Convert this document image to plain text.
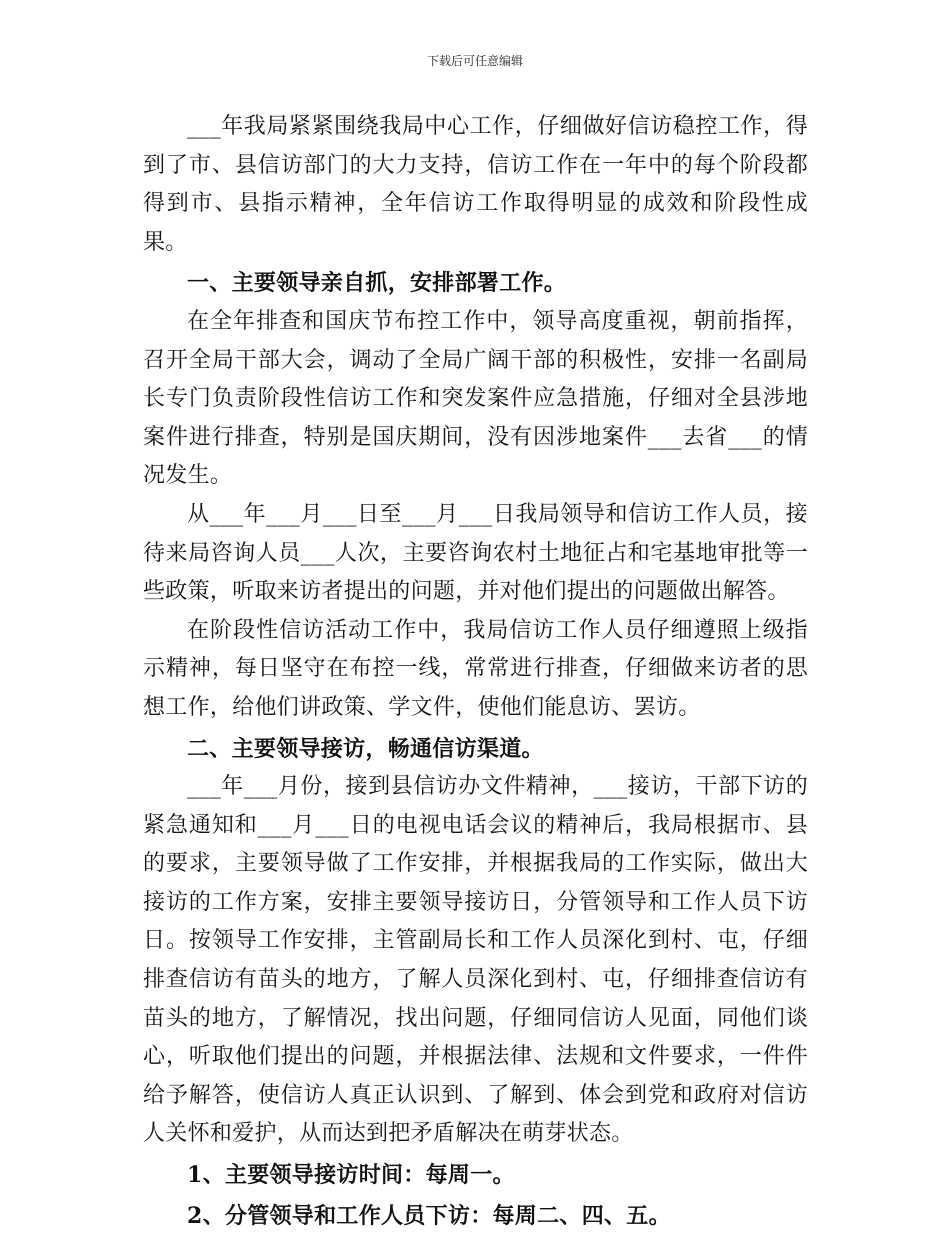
下载后可任意编辑

___年我局紧紧围绕我局中心工作，仔细做好信访稳控工作，得到了市、县信访部门的大力支持，信访工作在一年中的每个阶段都得到市、县指示精神，全年信访工作取得明显的成效和阶段性成果。

一、主要领导亲自抓，安排部署工作。

在全年排查和国庆节布控工作中，领导高度重视，朝前指挥，召开全局干部大会，调动了全局广阔干部的积极性，安排一名副局长专门负责阶段性信访工作和突发案件应急措施，仔细对全县涉地案件进行排查，特别是国庆期间，没有因涉地案件___去省___的情况发生。

从___年___月___日至___月___日我局领导和信访工作人员，接待来局咨询人员___人次，主要咨询农村土地征占和宅基地审批等一些政策，听取来访者提出的问题，并对他们提出的问题做出解答。

在阶段性信访活动工作中，我局信访工作人员仔细遵照上级指示精神，每日坚守在布控一线，常常进行排查，仔细做来访者的思想工作，给他们讲政策、学文件，使他们能息访、罢访。

二、主要领导接访，畅通信访渠道。

___年___月份，接到县信访办文件精神，___接访，干部下访的紧急通知和___月___日的电视电话会议的精神后，我局根据市、县的要求，主要领导做了工作安排，并根据我局的工作实际，做出大接访的工作方案，安排主要领导接访日，分管领导和工作人员下访日。按领导工作安排，主管副局长和工作人员深化到村、屯，仔细排查信访有苗头的地方，了解人员深化到村、屯，仔细排查信访有苗头的地方，了解情况，找出问题，仔细同信访人见面，同他们谈心，听取他们提出的问题，并根据法律、法规和文件要求，一件件给予解答，使信访人真正认识到、了解到、体会到党和政府对信访人关怀和爱护，从而达到把矛盾解决在萌芽状态。

1、主要领导接访时间：每周一。

2、分管领导和工作人员下访：每周二、四、五。
